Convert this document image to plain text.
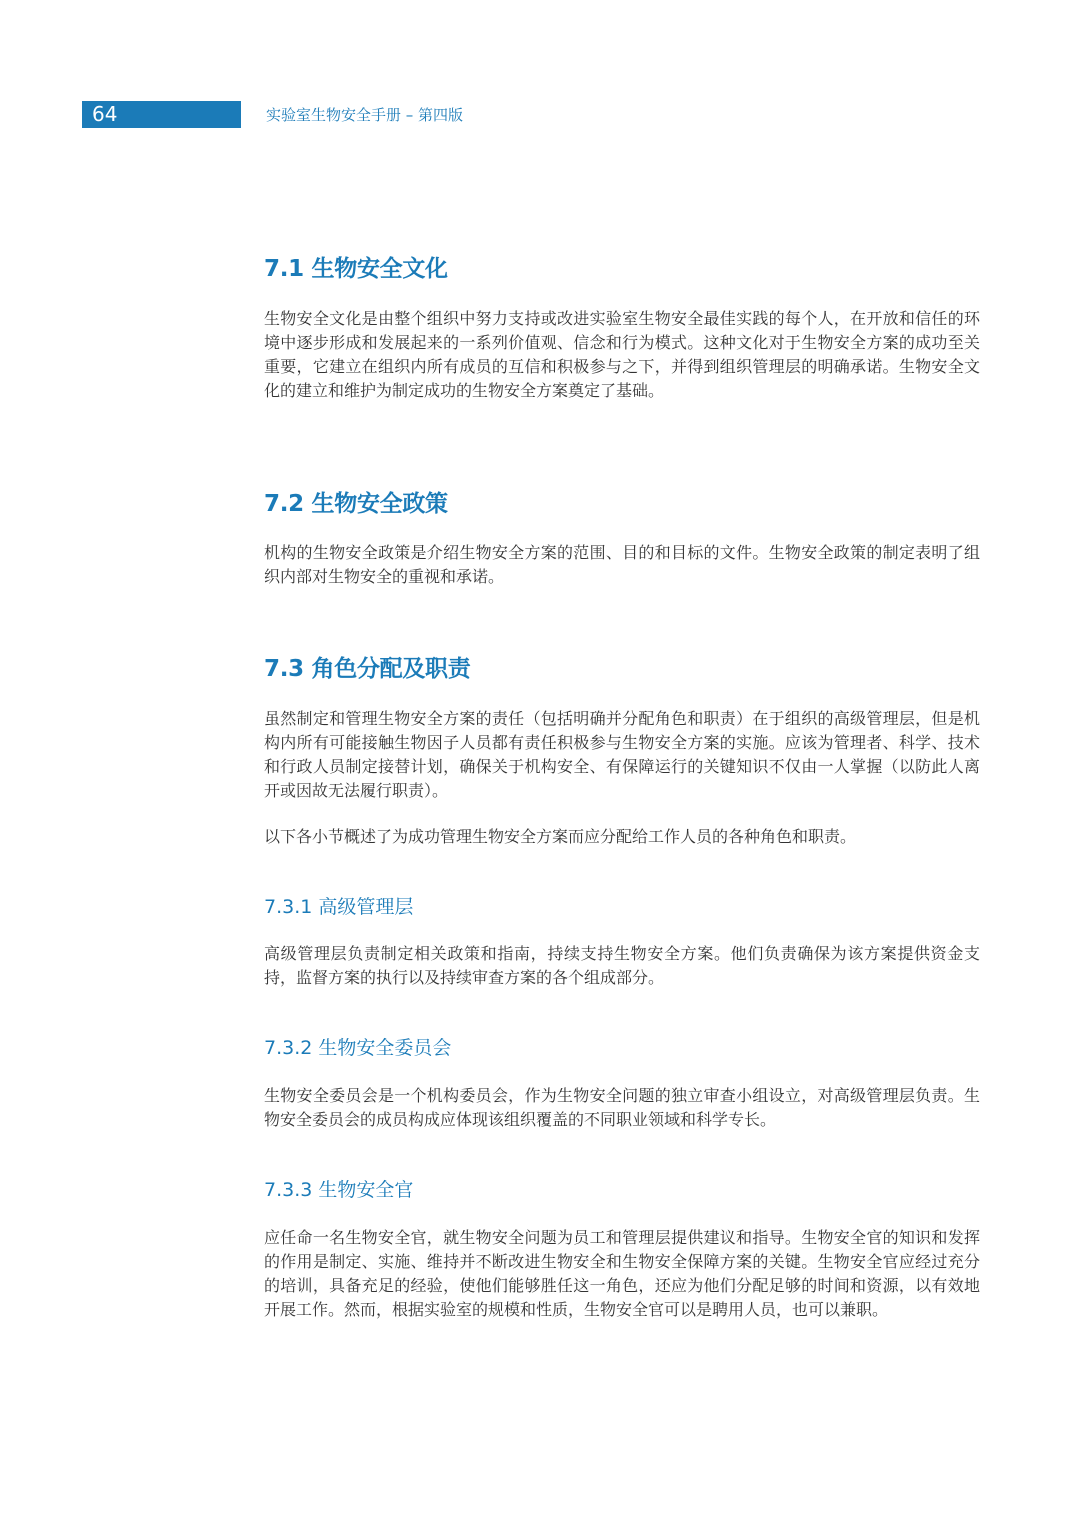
64	实验室生物安全手册 – 第四版
7.1 生物安全文化

生物安全文化是由整个组织中努力支持或改进实验室生物安全最佳实践的每个人，在开放和信任的环境中逐步形成和发展起来的一系列价值观、信念和行为模式。这种文化对于生物安全方案的成功至关重要，它建立在组织内所有成员的互信和积极参与之下，并得到组织管理层的明确承诺。生物安全文化的建立和维护为制定成功的生物安全方案奠定了基础。

7.2 生物安全政策

机构的生物安全政策是介绍生物安全方案的范围、目的和目标的文件。生物安全政策的制定表明了组织内部对生物安全的重视和承诺。

7.3 角色分配及职责

虽然制定和管理生物安全方案的责任（包括明确并分配角色和职责）在于组织的高级管理层，但是机构内所有可能接触生物因子人员都有责任积极参与生物安全方案的实施。应该为管理者、科学、技术和行政人员制定接替计划，确保关于机构安全、有保障运行的关键知识不仅由一人掌握（以防此人离开或因故无法履行职责）。

以下各小节概述了为成功管理生物安全方案而应分配给工作人员的各种角色和职责。

7.3.1 高级管理层

高级管理层负责制定相关政策和指南，持续支持生物安全方案。他们负责确保为该方案提供资金支持，监督方案的执行以及持续审查方案的各个组成部分。

7.3.2 生物安全委员会

生物安全委员会是一个机构委员会，作为生物安全问题的独立审查小组设立，对高级管理层负责。生物安全委员会的成员构成应体现该组织覆盖的不同职业领域和科学专长。

7.3.3 生物安全官

应任命一名生物安全官，就生物安全问题为员工和管理层提供建议和指导。生物安全官的知识和发挥的作用是制定、实施、维持并不断改进生物安全和生物安全保障方案的关键。生物安全官应经过充分的培训，具备充足的经验，使他们能够胜任这一角色，还应为他们分配足够的时间和资源，以有效地开展工作。然而，根据实验室的规模和性质，生物安全官可以是聘用人员，也可以兼职。
